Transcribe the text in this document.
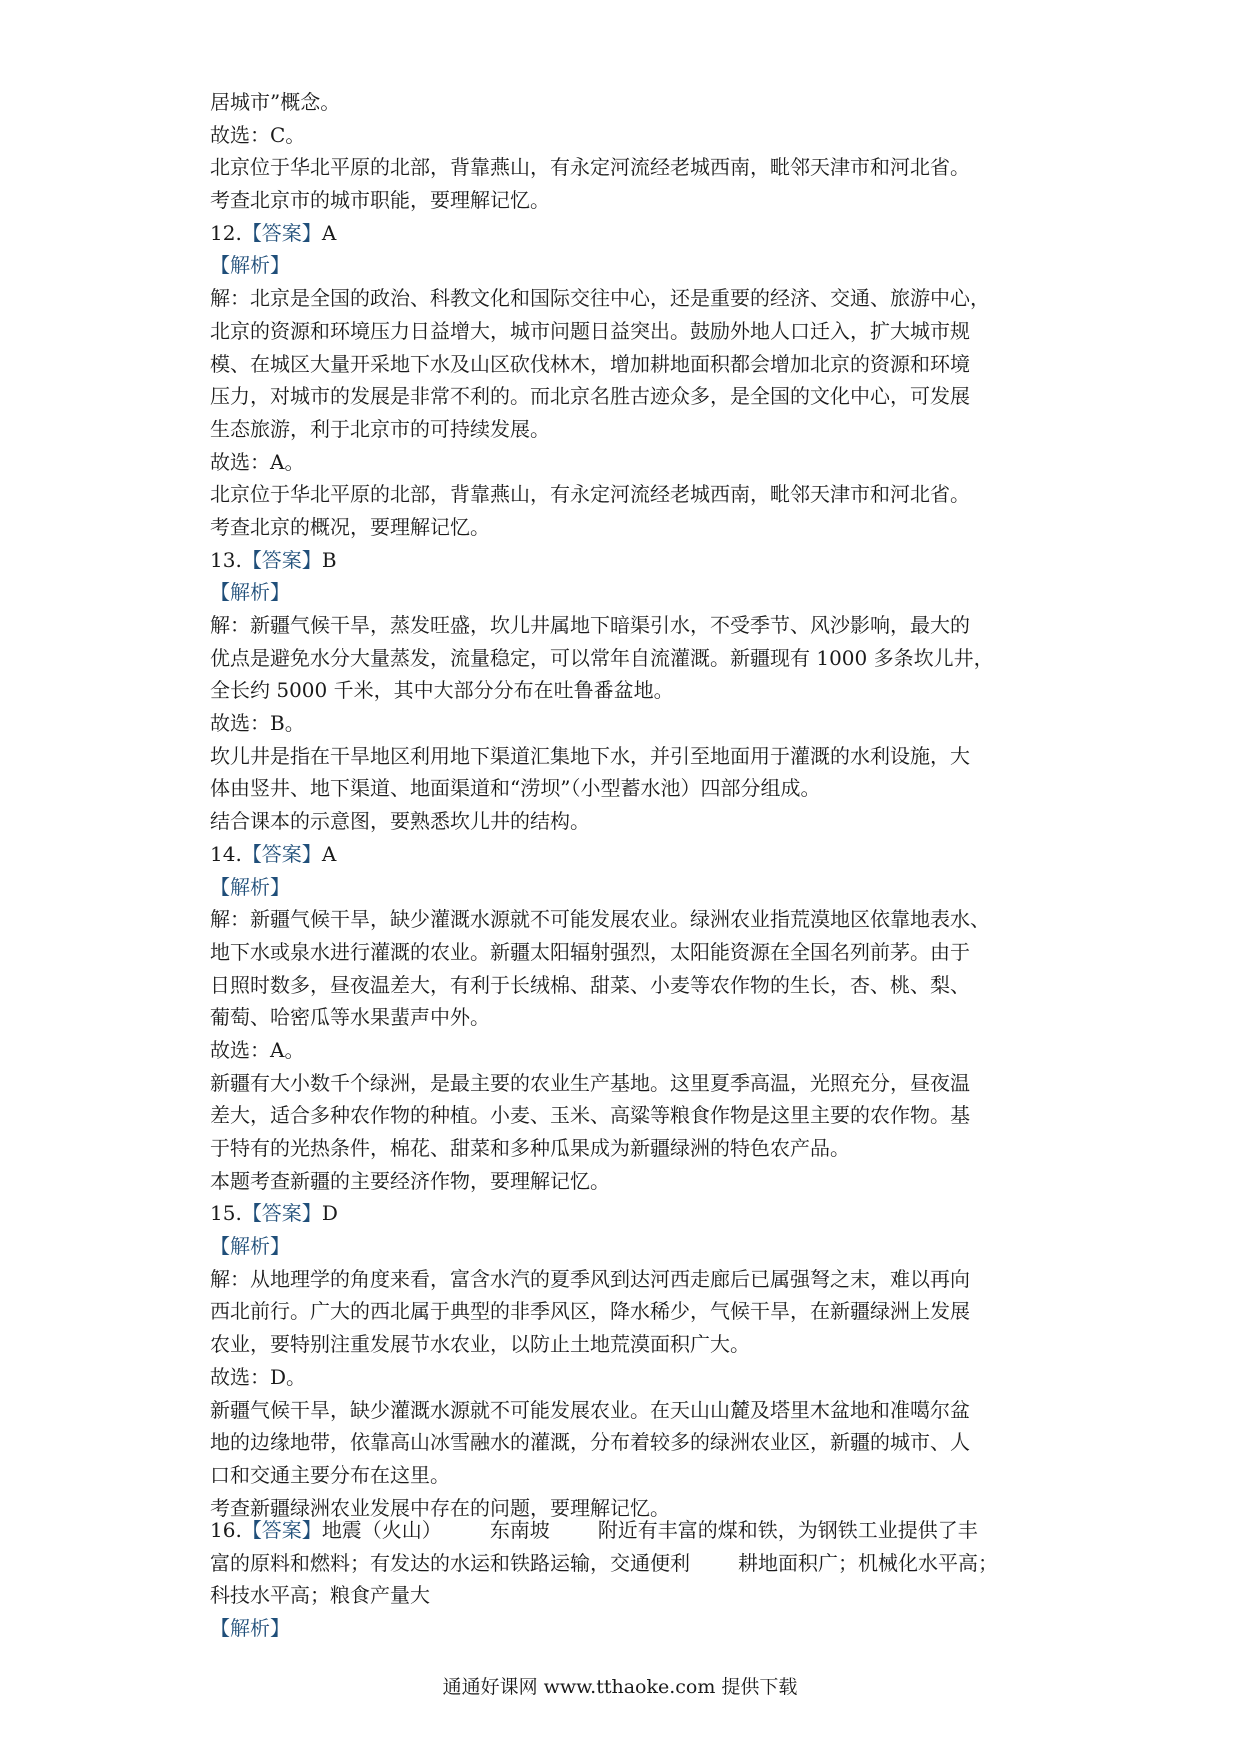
居城市”概念。
故选：C。
北京位于华北平原的北部，背靠燕山，有永定河流经老城西南，毗邻天津市和河北省。
考查北京市的城市职能，要理解记忆。
12.【答案】A
【解析】
解：北京是全国的政治、科教文化和国际交往中心，还是重要的经济、交通、旅游中心，
北京的资源和环境压力日益增大，城市问题日益突出。鼓励外地人口迁入，扩大城市规
模、在城区大量开采地下水及山区砍伐林木，增加耕地面积都会增加北京的资源和环境
压力，对城市的发展是非常不利的。而北京名胜古迹众多，是全国的文化中心，可发展
生态旅游，利于北京市的可持续发展。
故选：A。
北京位于华北平原的北部，背靠燕山，有永定河流经老城西南，毗邻天津市和河北省。
考查北京的概况，要理解记忆。
13.【答案】B
【解析】
解：新疆气候干旱，蒸发旺盛，坎儿井属地下暗渠引水，不受季节、风沙影响，最大的
优点是避免水分大量蒸发，流量稳定，可以常年自流灌溉。新疆现有 1000 多条坎儿井，
全长约 5000 千米，其中大部分分布在吐鲁番盆地。
故选：B。
坎儿井是指在干旱地区利用地下渠道汇集地下水，并引至地面用于灌溉的水利设施，大
体由竖井、地下渠道、地面渠道和“涝坝”（小型蓄水池）四部分组成。
结合课本的示意图，要熟悉坎儿井的结构。
14.【答案】A
【解析】
解：新疆气候干旱，缺少灌溉水源就不可能发展农业。绿洲农业指荒漠地区依靠地表水、
地下水或泉水进行灌溉的农业。新疆太阳辐射强烈，太阳能资源在全国名列前茅。由于
日照时数多，昼夜温差大，有利于长绒棉、甜菜、小麦等农作物的生长，杏、桃、梨、
葡萄、哈密瓜等水果蜚声中外。
故选：A。
新疆有大小数千个绿洲，是最主要的农业生产基地。这里夏季高温，光照充分，昼夜温
差大，适合多种农作物的种植。小麦、玉米、高粱等粮食作物是这里主要的农作物。基
于特有的光热条件，棉花、甜菜和多种瓜果成为新疆绿洲的特色农产品。
本题考查新疆的主要经济作物，要理解记忆。
15.【答案】D
【解析】
解：从地理学的角度来看，富含水汽的夏季风到达河西走廊后已属强弩之末，难以再向
西北前行。广大的西北属于典型的非季风区，降水稀少，气候干旱，在新疆绿洲上发展
农业，要特别注重发展节水农业，以防止土地荒漠面积广大。
故选：D。
新疆气候干旱，缺少灌溉水源就不可能发展农业。在天山山麓及塔里木盆地和准噶尔盆
地的边缘地带，依靠高山冰雪融水的灌溉，分布着较多的绿洲农业区，新疆的城市、人
口和交通主要分布在这里。
考查新疆绿洲农业发展中存在的问题，要理解记忆。
16.【答案】地震（火山） 东南坡 附近有丰富的煤和铁，为钢铁工业提供了丰
富的原料和燃料；有发达的水运和铁路运输，交通便利 耕地面积广；机械化水平高；
科技水平高；粮食产量大
【解析】
通通好课网 www.tthaoke.com 提供下载
